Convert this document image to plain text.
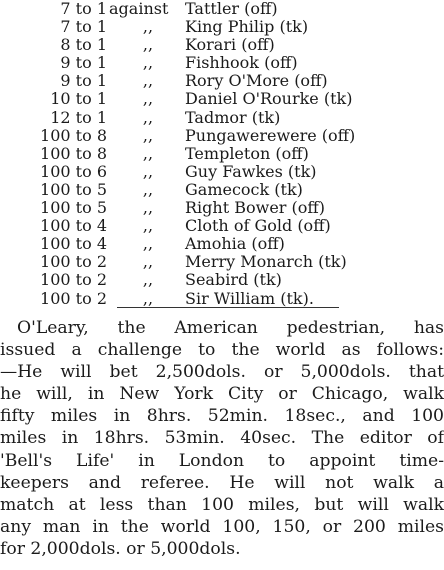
7 to 1 against Tattler (off)
7 to 1	,,	King Philip (tk)
8 to 1	,,	Korari (off)
9 to 1	,,	Fishhook (off)
9 to 1	,,	Rory O'More (off)
10 to 1	,,	Daniel O'Rourke (tk)
12 to 1	,,	Tadmor (tk)
100 to 8	,,	Pungawerewere (off)
100 to 8	,,	Templeton (off)
100 to 6	,,	Guy Fawkes (tk)
100 to 5	,,	Gamecock (tk)
100 to 5	,,	Right Bower (off)
100 to 4	,,	Cloth of Gold (off)
100 to 4	,,	Amohia (off)
100 to 2	,,	Merry Monarch (tk)
100 to 2	,,	Seabird (tk)
100 to 2	,,	Sir William (tk).
O'Leary, the American pedestrian, has
issued a challenge to the world as follows:
—He will bet 2,500dols. or 5,000dols. that
he will, in New York City or Chicago, walk
fifty miles in 8hrs. 52min. 18sec., and 100
miles in 18hrs. 53min. 40sec. The editor of
'Bell's Life' in London to appoint time-
keepers and referee. He will not walk a
match at less than 100 miles, but will walk
any man in the world 100, 150, or 200 miles
for 2,000dols. or 5,000dols.
